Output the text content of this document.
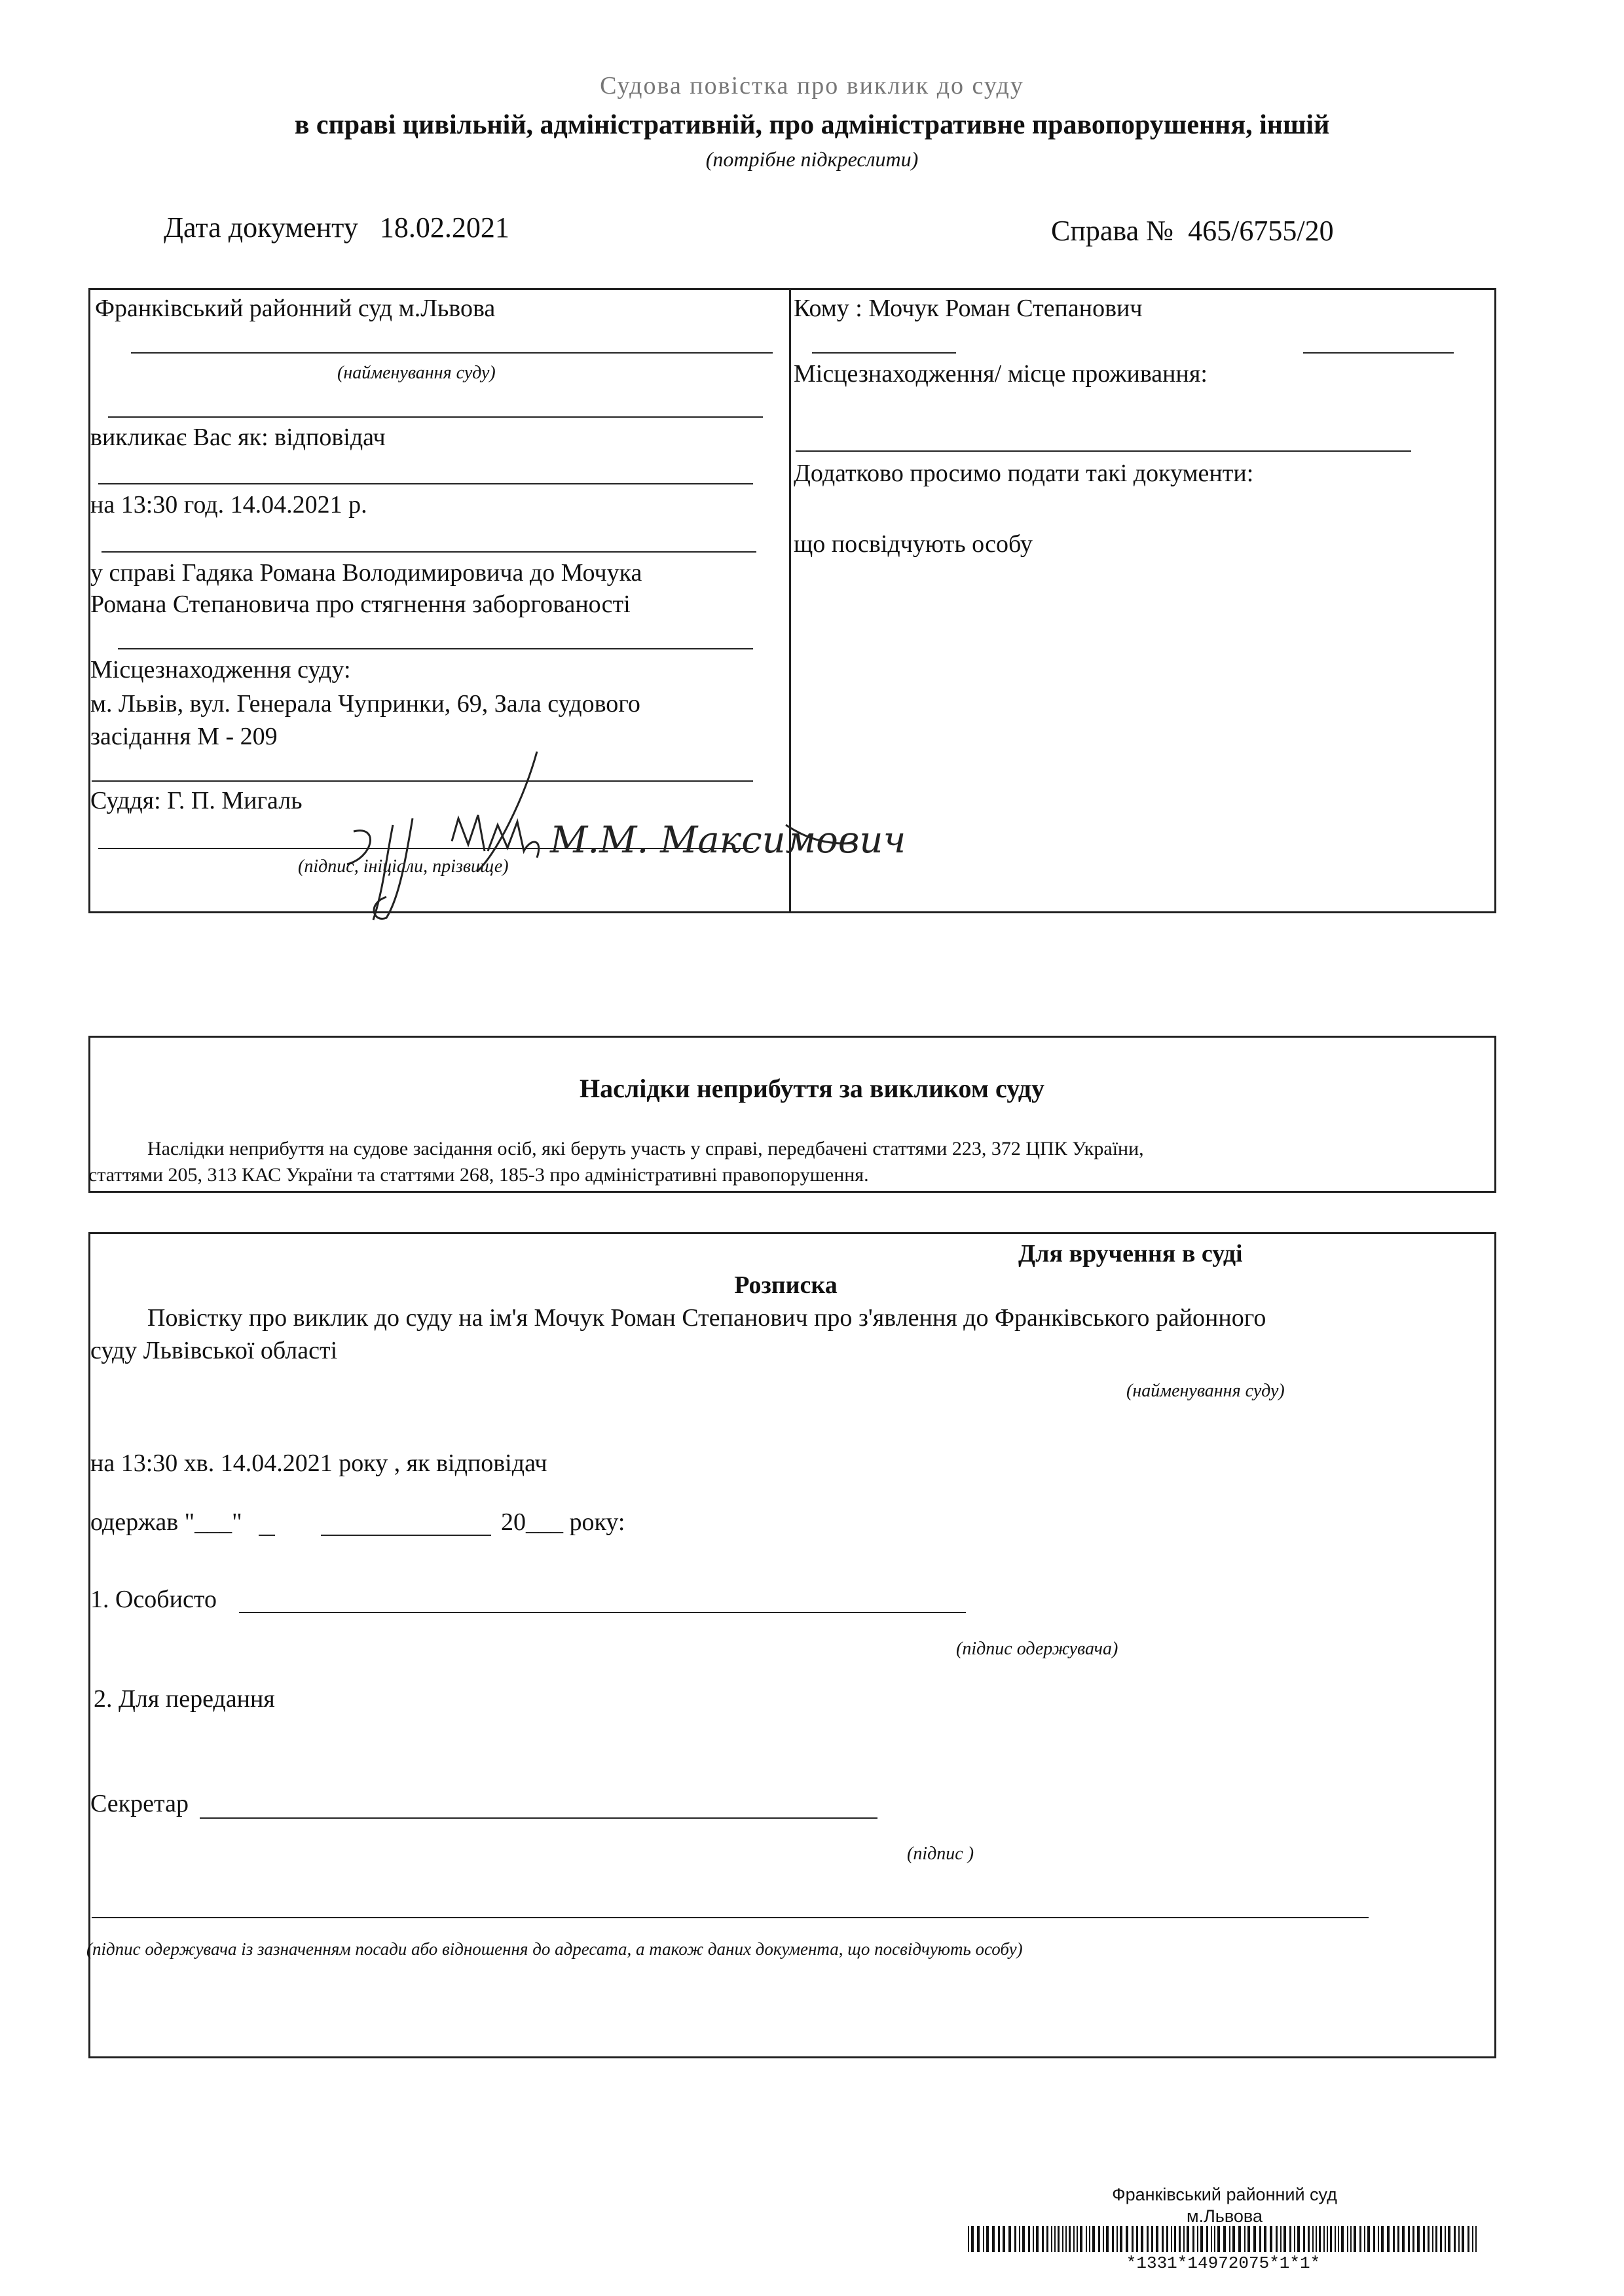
Судова повістка про виклик до суду
в справі цивільній, адміністративній, про адміністративне правопорушення, іншій
(потрібне підкреслити)
Дата документу 18.02.2021	Справа № 465/6755/20
Франківський районний суд м.Львова
(найменування суду)
викликає Вас як: відповідач
на 13:30 год. 14.04.2021 р.
у справі Гадяка Романа Володимировича до Мочука
Романа Степановича про стягнення заборгованості
Місцезнаходження суду:
м. Львів, вул. Генерала Чупринки, 69, Зала судового
засідання М - 209
Суддя: Г. П. Мигаль
(підпис, ініціали, прізвище)
М.М. Максимович
Кому : Мочук Роман Степанович
Місцезнаходження/ місце проживання:
Додатково просимо подати такі документи:
що посвідчують особу
Наслідки неприбуття за викликом суду
Наслідки неприбуття на судове засідання осіб, які беруть участь у справі, передбачені статтями 223, 372 ЦПК України,
статтями 205, 313 КАС України та статтями 268, 185-3 про адміністративні правопорушення.
Для вручення в суді
Розписка
Повістку про виклик до суду на ім'я Мочук Роман Степанович про з'явлення до Франківського районного
суду Львівської області
(найменування суду)
на 13:30 хв. 14.04.2021 року , як відповідач
одержав "___"	20___ року:
1. Особисто
(підпис одержувача)
2. Для передання
Секретар
(підпис )
(підпис одержувача із зазначенням посади або відношення до адресата, а також даних документа, що посвідчують особу)
Франківський районний суд
м.Львова
*1331*14972075*1*1*
